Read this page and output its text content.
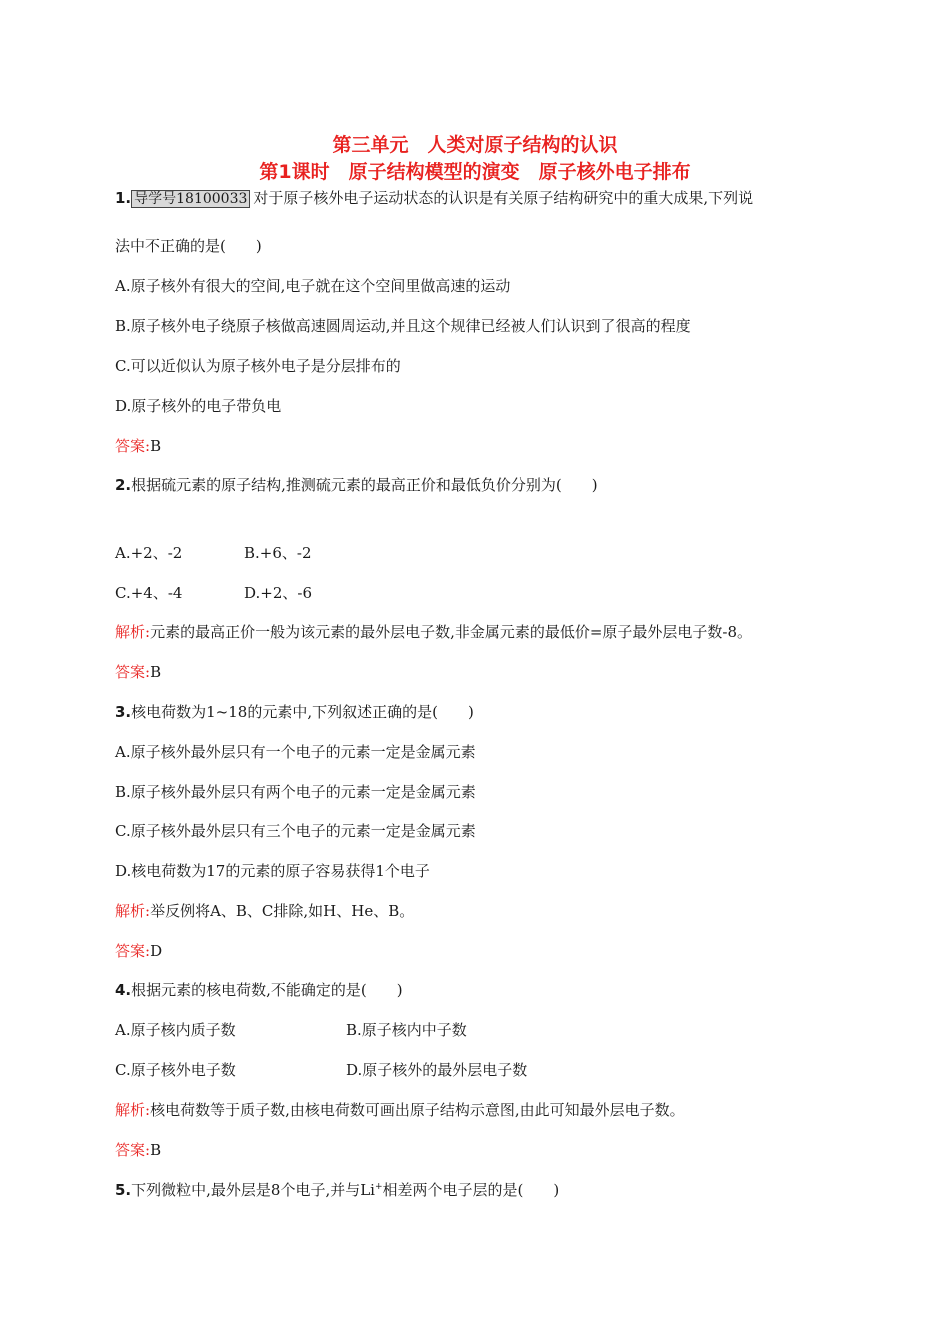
第三单元　人类对原子结构的认识
第1课时　原子结构模型的演变　原子核外电子排布
1. 导学号18100033 对于原子核外电子运动状态的认识是有关原子结构研究中的重大成果,下列说
法中不正确的是(　　)
A.原子核外有很大的空间,电子就在这个空间里做高速的运动
B.原子核外电子绕原子核做高速圆周运动,并且这个规律已经被人们认识到了很高的程度
C.可以近似认为原子核外电子是分层排布的
D.原子核外的电子带负电
答案:B
2.根据硫元素的原子结构,推测硫元素的最高正价和最低负价分别为(　　)
A.+2、-2	B.+6、-2
C.+4、-4	D.+2、-6
解析:元素的最高正价一般为该元素的最外层电子数,非金属元素的最低价=原子最外层电子数-8。
答案:B
3.核电荷数为1~18的元素中,下列叙述正确的是(　　)
A.原子核外最外层只有一个电子的元素一定是金属元素
B.原子核外最外层只有两个电子的元素一定是金属元素
C.原子核外最外层只有三个电子的元素一定是金属元素
D.核电荷数为17的元素的原子容易获得1个电子
解析:举反例将A、B、C排除,如H、He、B。
答案:D
4.根据元素的核电荷数,不能确定的是(　　)
A.原子核内质子数	B.原子核内中子数
C.原子核外电子数	D.原子核外的最外层电子数
解析:核电荷数等于质子数,由核电荷数可画出原子结构示意图,由此可知最外层电子数。
答案:B
5.下列微粒中,最外层是8个电子,并与Li+相差两个电子层的是(　　)
